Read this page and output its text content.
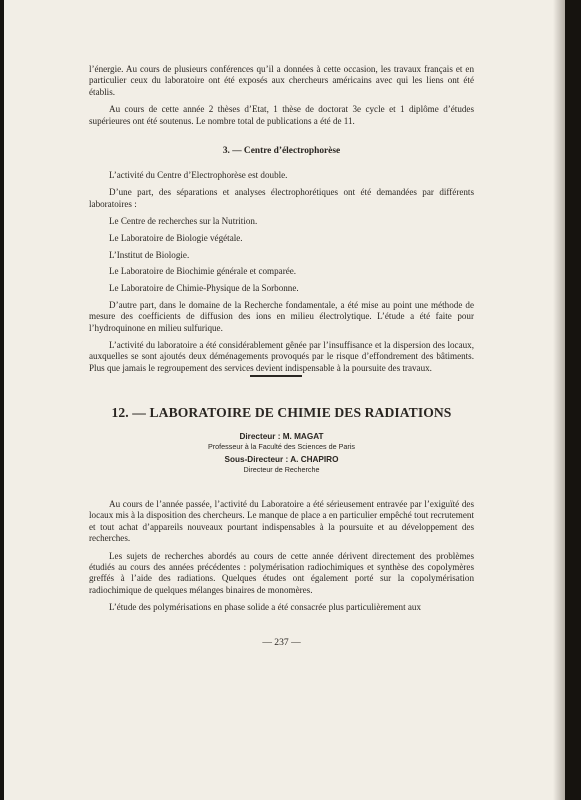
l’énergie. Au cours de plusieurs conférences qu’il a données à cette occasion, les travaux français et en particulier ceux du laboratoire ont été exposés aux chercheurs américains avec qui les liens ont été établis.

Au cours de cette année 2 thèses d’Etat, 1 thèse de doctorat 3e cycle et 1 diplôme d’études supérieures ont été soutenus. Le nombre total de publications a été de 11.

3. — Centre d’électrophorèse

L’activité du Centre d’Electrophorèse est double.

D’une part, des séparations et analyses électrophorétiques ont été demandées par différents laboratoires :

Le Centre de recherches sur la Nutrition.

Le Laboratoire de Biologie végétale.

L’Institut de Biologie.

Le Laboratoire de Biochimie générale et comparée.

Le Laboratoire de Chimie-Physique de la Sorbonne.

D’autre part, dans le domaine de la Recherche fondamentale, a été mise au point une méthode de mesure des coefficients de diffusion des ions en milieu électrolytique. L’étude a été faite pour l’hydroquinone en milieu sulfurique.

L’activité du laboratoire a été considérablement gênée par l’insuffisance et la dispersion des locaux, auxquelles se sont ajoutés deux déménagements provoqués par le risque d’effondrement des bâtiments. Plus que jamais le regroupement des services devient indispensable à la poursuite des travaux.

12. — LABORATOIRE DE CHIMIE DES RADIATIONS
Directeur : M. MAGAT
Professeur à la Faculté des Sciences de Paris
Sous-Directeur : A. CHAPIRO
Directeur de Recherche

Au cours de l’année passée, l’activité du Laboratoire a été sérieusement entravée par l’exiguïté des locaux mis à la disposition des chercheurs. Le manque de place a en particulier empêché tout recrutement et tout achat d’appareils nouveaux pourtant indispensables à la poursuite et au développement des recherches.

Les sujets de recherches abordés au cours de cette année dérivent directement des problèmes étudiés au cours des années précédentes : polymérisation radiochimiques et synthèse des copolymères greffés à l’aide des radiations. Quelques études ont également porté sur la copolymérisation radiochimique de quelques mélanges binaires de monomères.

L’étude des polymérisations en phase solide a été consacrée plus particulièrement aux

— 237 —
